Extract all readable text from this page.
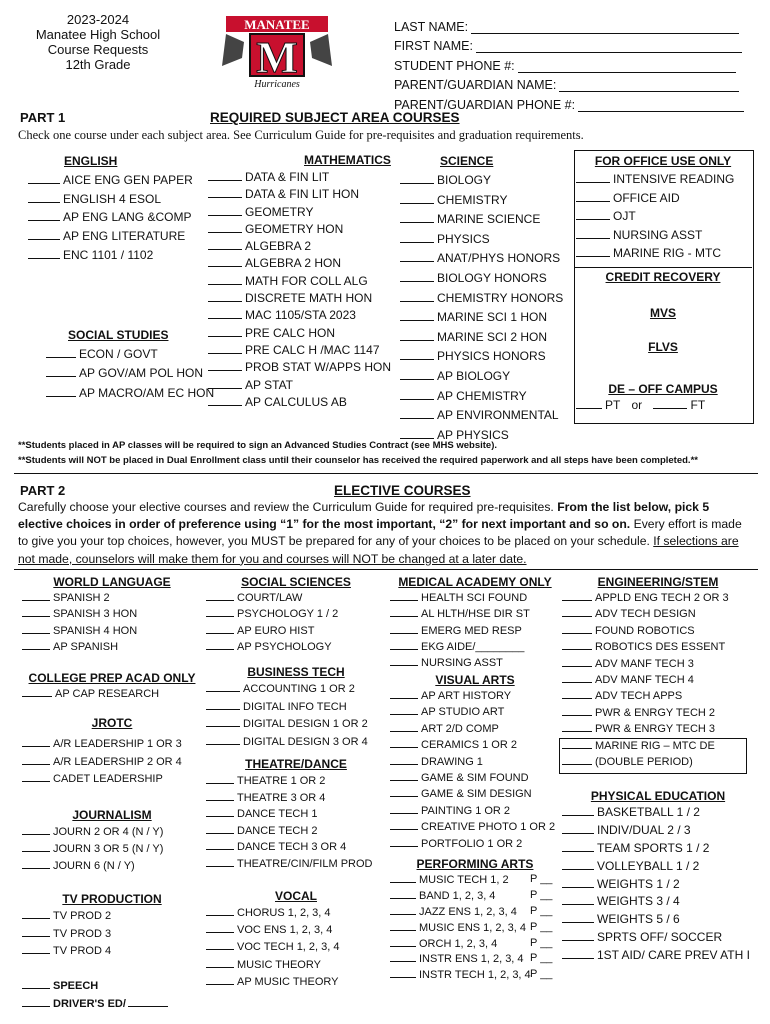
2023-2024
Manatee High School
Course Requests
12th Grade
MANATEE
M
Hurricanes
LAST NAME:
FIRST NAME:
STUDENT PHONE #:
PARENT/GUARDIAN NAME:
PARENT/GUARDIAN PHONE #:
PART 1	REQUIRED SUBJECT AREA COURSES
Check one course under each subject area. See Curriculum Guide for pre-requisites and graduation requirements.
ENGLISH
AICE ENG GEN PAPER
ENGLISH 4 ESOL
AP ENG LANG &COMP
AP ENG LITERATURE
ENC 1101 / 1102
SOCIAL STUDIES
ECON / GOVT
AP GOV/AM POL HON
AP MACRO/AM EC HON
MATHEMATICS
DATA & FIN LIT
DATA & FIN LIT HON
GEOMETRY
GEOMETRY HON
ALGEBRA 2
ALGEBRA 2 HON
MATH FOR COLL ALG
DISCRETE MATH HON
MAC 1105/STA 2023
PRE CALC HON
PRE CALC H /MAC 1147
PROB STAT W/APPS HON
AP STAT
AP CALCULUS AB
SCIENCE
BIOLOGY
CHEMISTRY
MARINE SCIENCE
PHYSICS
ANAT/PHYS HONORS
BIOLOGY HONORS
CHEMISTRY HONORS
MARINE SCI 1 HON
MARINE SCI 2 HON
PHYSICS HONORS
AP BIOLOGY
AP CHEMISTRY
AP ENVIRONMENTAL
AP PHYSICS
FOR OFFICE USE ONLY
INTENSIVE READING
OFFICE AID
OJT
NURSING ASST
MARINE RIG - MTC
CREDIT RECOVERY
MVS
FLVS
DE – OFF CAMPUS
PT or	FT
**Students placed in AP classes will be required to sign an Advanced Studies Contract (see MHS website).
**Students will NOT be placed in Dual Enrollment class until their counselor has received the required paperwork and all steps have been completed.**
PART 2	ELECTIVE COURSES
Carefully choose your elective courses and review the Curriculum Guide for required pre-requisites. From the list below, pick 5 elective choices in order of preference using “1” for the most important, “2” for next important and so on. Every effort is made to give you your top choices, however, you MUST be prepared for any of your choices to be placed on your schedule. If selections are not made, counselors will make them for you and courses will NOT be changed at a later date.
WORLD LANGUAGE
SPANISH 2
SPANISH 3 HON
SPANISH 4 HON
AP SPANISH
COLLEGE PREP ACAD ONLY
AP CAP RESEARCH
JROTC
A/R LEADERSHIP 1 OR 3
A/R LEADERSHIP 2 OR 4
CADET LEADERSHIP
JOURNALISM
JOURN 2 OR 4 (N / Y)
JOURN 3 OR 5 (N / Y)
JOURN 6 (N / Y)
TV PRODUCTION
TV PROD 2
TV PROD 3
TV PROD 4
SPEECH
DRIVER'S ED/
SOCIAL SCIENCES
COURT/LAW
PSYCHOLOGY 1 / 2
AP EURO HIST
AP PSYCHOLOGY
BUSINESS TECH
ACCOUNTING 1 OR 2
DIGITAL INFO TECH
DIGITAL DESIGN 1 OR 2
DIGITAL DESIGN 3 OR 4
THEATRE/DANCE
THEATRE 1 OR 2
THEATRE 3 OR 4
DANCE TECH 1
DANCE TECH 2
DANCE TECH 3 OR 4
THEATRE/CIN/FILM PROD
VOCAL
CHORUS 1, 2, 3, 4
VOC ENS 1, 2, 3, 4
VOC TECH 1, 2, 3, 4
MUSIC THEORY
AP MUSIC THEORY
MEDICAL ACADEMY ONLY
HEALTH SCI FOUND
AL HLTH/HSE DIR ST
EMERG MED RESP
EKG AIDE/________
NURSING ASST
VISUAL ARTS
AP ART HISTORY
AP STUDIO ART
ART 2/D COMP
CERAMICS 1 OR 2
DRAWING 1
GAME & SIM FOUND
GAME & SIM DESIGN
PAINTING 1 OR 2
CREATIVE PHOTO 1 OR 2
PORTFOLIO 1 OR 2
PERFORMING ARTS
MUSIC TECH 1, 2 P __
BAND 1, 2, 3, 4	P __
JAZZ ENS 1, 2, 3, 4 P __
MUSIC ENS 1, 2, 3, 4 P __
ORCH 1, 2, 3, 4	P __
INSTR ENS 1, 2, 3, 4 P __
INSTR TECH 1, 2, 3, 4 P __
ENGINEERING/STEM
APPLD ENG TECH 2 OR 3
ADV TECH DESIGN
FOUND ROBOTICS
ROBOTICS DES ESSENT
ADV MANF TECH 3
ADV MANF TECH 4
ADV TECH APPS
PWR & ENRGY TECH 2
PWR & ENRGY TECH 3
MARINE RIG – MTC DE
(DOUBLE PERIOD)
PHYSICAL EDUCATION
BASKETBALL 1 / 2
INDIV/DUAL 2 / 3
TEAM SPORTS 1 / 2
VOLLEYBALL 1 / 2
WEIGHTS 1 / 2
WEIGHTS 3 / 4
WEIGHTS 5 / 6
SPRTS OFF/ SOCCER
1ST AID/ CARE PREV ATH I
